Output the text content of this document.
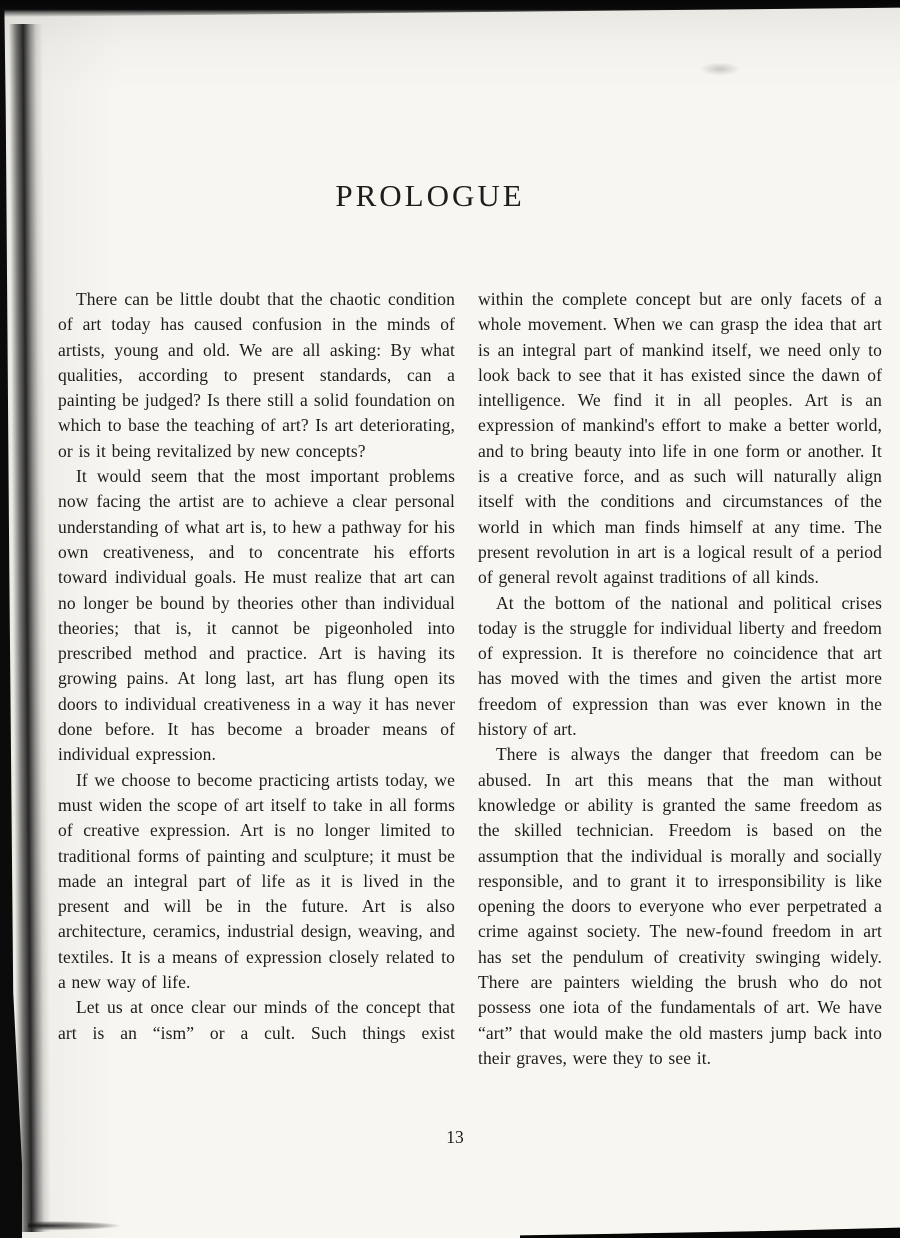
PROLOGUE

There can be little doubt that the chaotic condition of art today has caused confusion in the minds of artists, young and old. We are all asking: By what qualities, according to present standards, can a painting be judged? Is there still a solid foundation on which to base the teaching of art? Is art deteriorating, or is it being revitalized by new concepts?

It would seem that the most important problems now facing the artist are to achieve a clear personal understanding of what art is, to hew a pathway for his own creativeness, and to concentrate his efforts toward individual goals. He must realize that art can no longer be bound by theories other than individual theories; that is, it cannot be pigeonholed into prescribed method and practice. Art is having its growing pains. At long last, art has flung open its doors to individual creativeness in a way it has never done before. It has become a broader means of individual expression.

If we choose to become practicing artists today, we must widen the scope of art itself to take in all forms of creative expression. Art is no longer limited to traditional forms of painting and sculpture; it must be made an integral part of life as it is lived in the present and will be in the future. Art is also architecture, ceramics, industrial design, weaving, and textiles. It is a means of expression closely related to a new way of life.

Let us at once clear our minds of the concept that art is an “ism” or a cult. Such things exist

within the complete concept but are only facets of a whole movement. When we can grasp the idea that art is an integral part of mankind itself, we need only to look back to see that it has existed since the dawn of intelligence. We find it in all peoples. Art is an expression of mankind's effort to make a better world, and to bring beauty into life in one form or another. It is a creative force, and as such will naturally align itself with the conditions and circumstances of the world in which man finds himself at any time. The present revolution in art is a logical result of a period of general revolt against traditions of all kinds.

At the bottom of the national and political crises today is the struggle for individual liberty and freedom of expression. It is therefore no coincidence that art has moved with the times and given the artist more freedom of expression than was ever known in the history of art.

There is always the danger that freedom can be abused. In art this means that the man without knowledge or ability is granted the same freedom as the skilled technician. Freedom is based on the assumption that the individual is morally and socially responsible, and to grant it to irresponsibility is like opening the doors to everyone who ever perpetrated a crime against society. The new-found freedom in art has set the pendulum of creativity swinging widely. There are painters wielding the brush who do not possess one iota of the fundamentals of art. We have “art” that would make the old masters jump back into their graves, were they to see it.

13
